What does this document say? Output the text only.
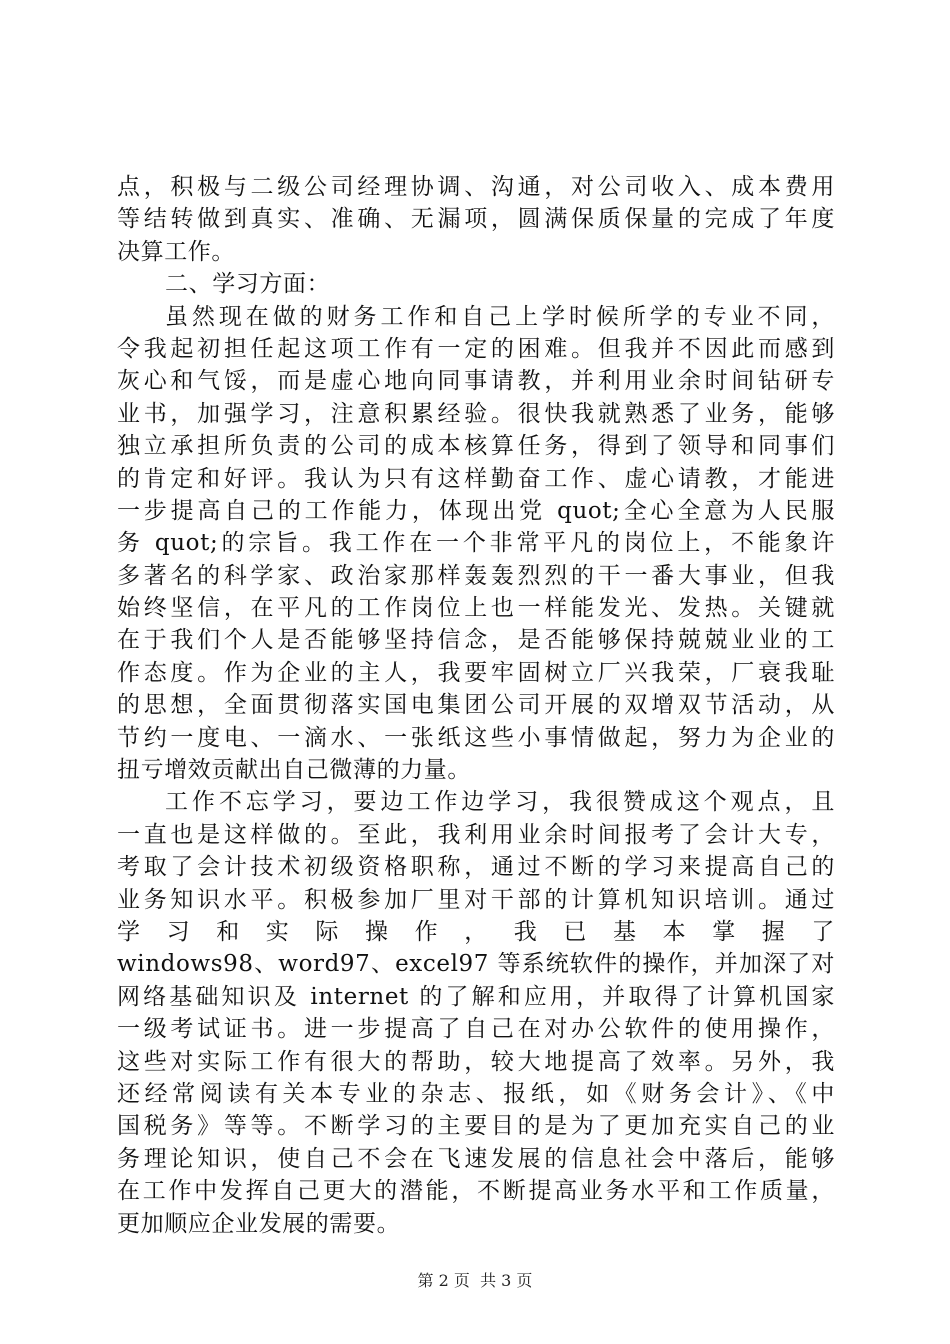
点，积极与二级公司经理协调、沟通，对公司收入、成本费用
等结转做到真实、准确、无漏项，圆满保质保量的完成了年度
决算工作。
二、学习方面：
虽然现在做的财务工作和自己上学时候所学的专业不同，
令我起初担任起这项工作有一定的困难。但我并不因此而感到
灰心和气馁，而是虚心地向同事请教，并利用业余时间钻研专
业书，加强学习，注意积累经验。很快我就熟悉了业务，能够
独立承担所负责的公司的成本核算任务，得到了领导和同事们
的肯定和好评。我认为只有这样勤奋工作、虚心请教，才能进
一步提高自己的工作能力，体现出党 quot;全心全意为人民服
务 quot;的宗旨。我工作在一个非常平凡的岗位上，不能象许
多著名的科学家、政治家那样轰轰烈烈的干一番大事业，但我
始终坚信，在平凡的工作岗位上也一样能发光、发热。关键就
在于我们个人是否能够坚持信念，是否能够保持兢兢业业的工
作态度。作为企业的主人，我要牢固树立厂兴我荣，厂衰我耻
的思想，全面贯彻落实国电集团公司开展的双增双节活动，从
节约一度电、一滴水、一张纸这些小事情做起，努力为企业的
扭亏增效贡献出自己微薄的力量。
工作不忘学习，要边工作边学习，我很赞成这个观点，且
一直也是这样做的。至此，我利用业余时间报考了会计大专，
考取了会计技术初级资格职称，通过不断的学习来提高自己的
业务知识水平。积极参加厂里对干部的计算机知识培训。通过
学 习 和 实 际 操 作 ， 我 已 基 本 掌 握 了
windows98、word97、excel97 等系统软件的操作，并加深了对
网络基础知识及 internet 的了解和应用，并取得了计算机国家
一级考试证书。进一步提高了自己在对办公软件的使用操作，
这些对实际工作有很大的帮助，较大地提高了效率。另外，我
还经常阅读有关本专业的杂志、报纸，如《财务会计》、《中
国税务》等等。不断学习的主要目的是为了更加充实自己的业
务理论知识，使自己不会在飞速发展的信息社会中落后，能够
在工作中发挥自己更大的潜能，不断提高业务水平和工作质量，
更加顺应企业发展的需要。
第 2 页  共 3 页
